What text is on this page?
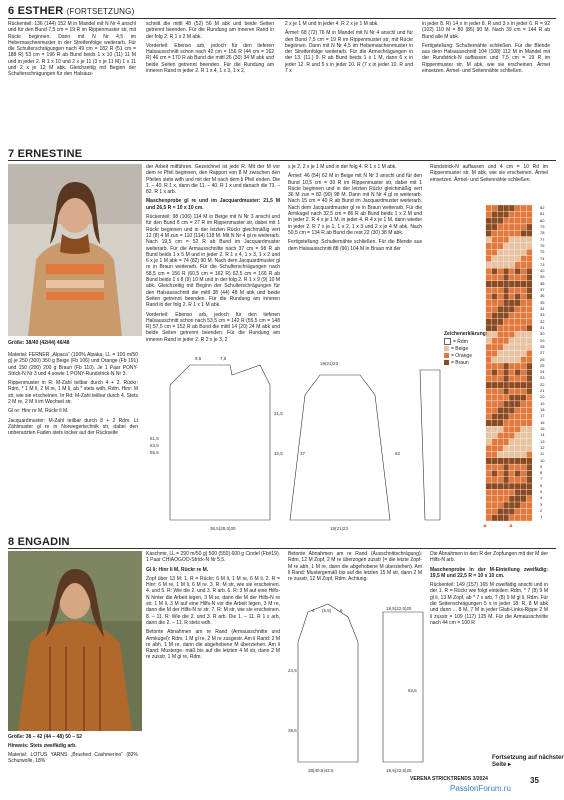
6 ESTHER (FORTSETZUNG)

Rückenteil: 136 (144) 152 M in Mandel mit N Nr 4 anschl und für den Bund 7,5 cm = 19 R im Rippenmuster str, mit Rückr beginnen. Dann mit N Nr 4,5 im Hebemaschenmuster in der Streifenfolge weiterarb. Für die Schulterschrägungen nach 49 cm = 182 R (51 cm = 188 R) 53 cm = 196 R ab Bund beids 1 x 10 (11) 11 M und in jeder 2. R 1 x 10 und 2 x je 11 (3 x je 11 M) 1 x 11 und 2 x je 12 M abk. Gleichzeitig mit Beginn der Schulterschrägungen für den Halsaus-

schnitt die mittl 48 (52) 56 M abk und beide Seiten getrennt beenden. Für die Rundung am inneren Rand in der folg 2. R 1 x 2 M abk.

Vorderteil: Ebenso arb, jedoch für den tieferen Halsausschnitt schon nach 42 cm = 156 R (44 cm = 162 R) 46 cm = 170 R ab Bund die mittl 26 (30) 34 M abk und beide Seiten getrennt beenden. Für die Rundung am inneren Rand in jeder 2. R 1 x 4, 1 x 3, 1 x 2,

2 x je 1 M und in jeder 4. R 2 x je 1 M abk.

Ärmel: 68 (72) 76 M in Mandel mit N Nr 4 anschl und für den Bund 7,5 cm = 19 R im Rippenmuster str, mit Rückr beginnen. Dann mit N Nr 4,5 im Hebemaschenmuster in der Streifenfolge weiterarb. Für die Armschrägungen in der 13. (11.) 9. R ab Bund beids 1 x 1 M, dann 6 x in jeder 12. R und 5 x in jeder 10. R (7 x in jeder 10. R und 7 x

in jeder 8. R) 14 x in jeder 8. R und 3 x in jeder 6. R = 92 (102) 110 M = 80 (85) 90 M. Nach 39 cm = 144 R ab Bund alle M abk.

Fertigstellung: Schulternähte schließen. Für die Blende aus dem Halsausschnitt 104 (108) 112 M in Mandel mit der Rundstrick-N auffassen und 7,5 cm = 19 R im Rippenmuster str. M abk, wie sie erscheinen. Ärmel einsetzen. Ärmel- und Seitennähte schließen.

7 ERNESTINE
Größe: 38/40 (42/44) 46/48

Material: FERNER „Alpaca“ (100% Alpaka, LL = 100 m/50 g) je 250 (300) 350 g Beige (Fb 106) und Orange (Fb 191) und 150 (200) 200 g Braun (Fb 110). Je 1 Paar PONY-Strick-N Nr 3 und 4 sowie 1 PONY-Rundstrick-N Nr 3.

Rippenmuster in R: M-Zahl teilbar durch 4 + 2. Rückr: Rdm, * 1 M li, 2 M re, 1 M li, ab * stets wdh, Rdm. Hinr: M str, wie sie erscheinen. In Rd: M-Zahl teilbar durch 4. Stets 2 M re, 2 M li im Wechsel str.

Gl re: Hinr re M, Rückr li M.

Jacquardmuster: M-Zahl teilbar durch 8 + 2 Rdm. Lt Zählmuster gl re in Norwegertechnik str, dabei den unbenutzten Faden stets locker auf der Rückseite

der Arbeit mitführen. Gezeichnet ist jede R. Mit der M vor dem re Pfeil beginnen, den Rapport von 8 M zwischen den Pfeilen stets wdh und mit der M nach dem li Pfeil enden. Die 1. – 40. R 1 x, dann die 11. – 40. R 1 x und danach die 73. – 82. R 1 x arb.

Maschenprobe gl re und im Jacquardmuster: 21,5 M und 26,5 R = 10 x 10 cm.

Rückenteil: 98 (106) 114 M in Beige mit N Nr 3 anschl und für den Bund 8 cm = 27 R im Rippenmuster str, dabei mit 1 Rückr beginnen und in der letzten Rückr gleichmäßig vert 12 (8) 4 M zun = 110 (114) 118 M. Mit N Nr 4 gl re weiterarb. Nach 19,5 cm = 52 R ab Bund im Jacquardmuster weiterarb. Für die Armausschnitte nach 37 cm = 98 R ab Bund beids 1 x 5 M und in jeder 2. R 1 x 4, 1 x 3, 1 x 2 und 6 x je 1 M abk = 74 (82) 90 M. Nach dem Jacquardmuster gl re in Braun weiterarb. Für die Schulterschrägungen nach 58,5 cm = 156 R (60,5 cm = 162 R) 62,5 cm = 166 R ab Bund beids 1 x 8 (9) 10 M und in der folg 2. R 1 x 9 (9) 10 M abk. Gleichzeitig mit Beginn der Schulterschrägungen für den Halsausschnitt die mittl 38 (44) 48 M abk und beide Seiten getrennt beenden. Für die Rundung am inneren Rand in der folg 2. R 1 x 1 M abk.

Vorderteil: Ebenso arb, jedoch für den tieferen Halsausschnitt schon nach 53,5 cm = 142 R (55,5 cm = 148 R) 57,5 cm = 152 R ab Bund die mittl 14 (20) 24 M abk und beide Seiten getrennt beenden. Für die Rundung am inneren Rand in jeder 2. R 2 x je 3, 2

x je 2, 2 x je 1 M und in der folg 4. R 1 x 1 M abk.

Ärmel: 46 (54) 62 M in Beige mit N Nr 3 anschl und für den Bund 10,5 cm = 39 R im Rippenmuster str, dabei mit 1 Rückr beginnen und in der letzten Rückr gleichmäßig vert 36 M zun = 82 (90) 98 M. Dann mit N Nr 4 gl re weiterarb. Nach 15 cm = 40 R ab Bund im Jacquardmuster weiterarb. Nach dem Jacquardmuster gl re in Braun weiterarb. Für die Armkugel nach 32,5 cm = 86 R ab Bund beids 1 x 2 M und in jeder 2. R 4 x je 1 M, in jeder 4. R 4 x je 1 M, dann wieder in jeder 2. R 7 x je 1, 1 x 2, 1 x 3 und 2 x je 4 M abk. Nach 50,5 cm = 134 R ab Bund die rest 22 (30) 38 M abk.

Fertigstellung: Schulternähte schließen. Für die Blende aus dem Halsausschnitt 88 (96) 104 M in Braun mit der

Rundstrick-N auffassen und 4 cm = 10 Rd im Rippenmuster str. M abk, wie sie erscheinen. Ärmel einsetzen. Ärmel- und Seitennähte schließen.

9,5	7,5
61,5
63,5
65,5
21,5
32,5
36,5(28,5)30	19(21)23
19(21)23
62
37
82
81
80
79
78
77
76
75
74
73
40
39
38
37
36
35
34
33
32
31
30
29
28
27
26
25
24
23
22
21
20
19
18
17
16
15
14
13
12
11
10
9
8
7
6
5
4
3
2
1
▲            ▲
Zeichenerklärung:
= Rdm
= Beige
= Orange
= Braun
8 ENGADIN
Größe: 38 – 42 (44 – 48) 50 – 52
Hinweis: Stets zweifädig arb.

Material: LOTUS YARNS „Brushed Cashmerino“ (82% Schurwolle, 18%

Kaschmir, LL = 290 m/50 g) 500 (550) 600 g Cindel (Fb#19). 1 Paar CHIAOGOO-Strick-N Nr 5,5.

Gl li: Hinr li M, Rückr re M.

Zopf über 13 M: 1. R = Rückr: 6 M li, 1 M re, 6 M li. 2. R = Hinr: 6 M re, 1 M li, 6 M re. 3. R: M str, wie sie erscheinen. 4. und 5. R: Wie die 2. und 3. R arb. 6. R: 3 M auf eine Hilfs-N hinter die Arbeit legen, 3 M re, dann die M der Hilfs-N re str, 1 M li, 3 M auf eine Hilfs-N vor die Arbeit legen, 3 M re, dann die M der Hilfs-N re str. 7. R: M str, wie sie erscheinen. 8. – 11. R: Wie die 2. und 3. R arb. Die 1. – 11. R 1 x arb, dann die 2. – 11. R stets wdh.

Betonte Abnahmen am re Rand (Armausschnitte und Armkugel): Rdm, 1 M gl re, 2 M re zusgestr. Am li Rand: 2 M re abh, 1 M re, dann die abgehobene M überziehen. Am li Rand: Musterge- mäß bis auf die letzten 4 M str, dann 2 M re zusstr, 1 M gl re, Rdm.

Betonte Abnahmen am re Rand (Ausschnittschrägung): Rdm, 12 M Zopf, 2 M re überzogen zusstr (= die letzte Zopf-M re abh, 1 M re, dann die abgehobene M überziehen). Am li Rand: Mustergemäß bis auf die letzten 15 M str, dann 2 M re zusstr, 12 M Zopf, Rdm. Achtung:

Die Abnahmen in den R der Zopfungen mit der M der Hilfs-N arb.

Maschenprobe in der M-Einteilung zweifädig: 19,5 M und 22,5 R = 10 x 10 cm.

Rückenteil: 149 (157) 165 M zweifädig anschl und in der 1. R = Rückr wie folgt einteilen: Rdm, * 7 (8) 9 M gl li, 13 M Zopf, ab * 7 x arb, 7 (8) 9 M gl li, Rdm. Für die Seitenschrägungen 5 x in jeder 18. R, 8 M abk und dann ... 8 M, 7 M in jeder Glatt-Links-Rippe 2 M li zusstr = 109 (117) 125 M. Für die Armausschnitte nach 44 cm = 100 R

4 (5,5) 6
24,5
39,5
38(40,5)42,5
19,5(22,5)25
19,5(22,5)25
62,5
Fortsetzung auf nächster Seite ▸
VERENA STRICKTRENDS 3/2024	35
PassionForum.ru
